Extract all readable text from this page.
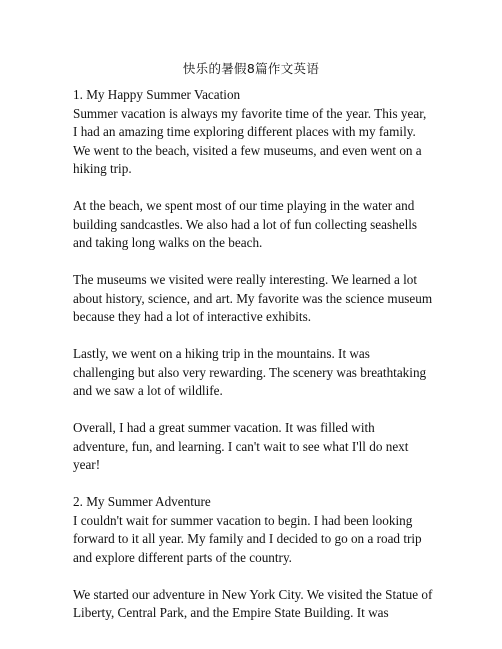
快乐的暑假8篇作文英语

1. My Happy Summer Vacation

Summer vacation is always my favorite time of the year. This year, I had an amazing time exploring different places with my family. We went to the beach, visited a few museums, and even went on a hiking trip.

At the beach, we spent most of our time playing in the water and building sandcastles. We also had a lot of fun collecting seashells and taking long walks on the beach.

The museums we visited were really interesting. We learned a lot about history, science, and art. My favorite was the science museum because they had a lot of interactive exhibits.

Lastly, we went on a hiking trip in the mountains. It was challenging but also very rewarding. The scenery was breathtaking and we saw a lot of wildlife.

Overall, I had a great summer vacation. It was filled with adventure, fun, and learning. I can't wait to see what I'll do next year!

2. My Summer Adventure

I couldn't wait for summer vacation to begin. I had been looking forward to it all year. My family and I decided to go on a road trip and explore different parts of the country.

We started our adventure in New York City. We visited the Statue of Liberty, Central Park, and the Empire State Building. It was
